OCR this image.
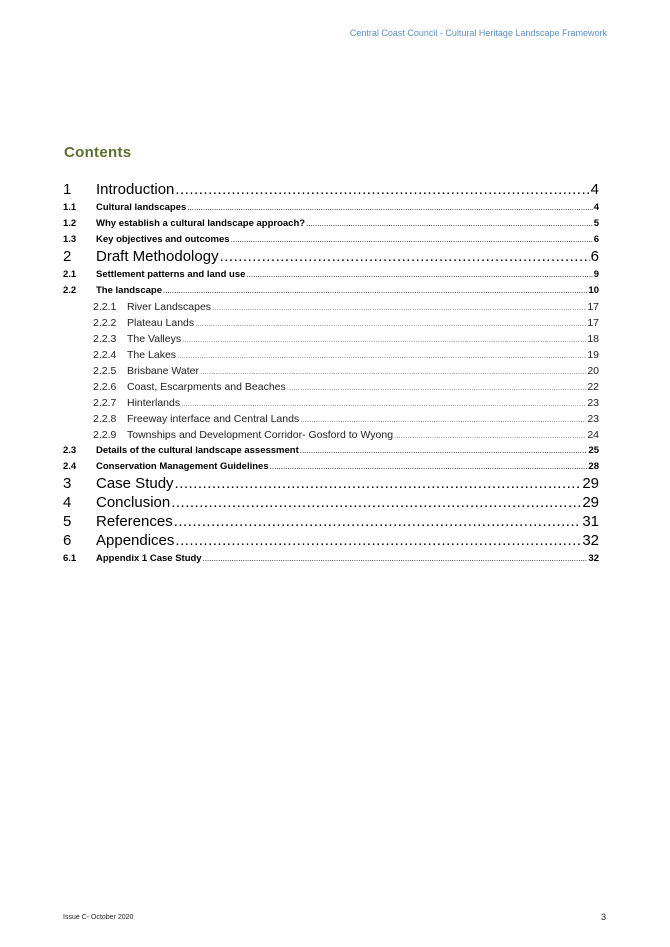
Central Coast Council - Cultural Heritage Landscape Framework
Contents
1	Introduction .....	4
1.1	Cultural landscapes .....	4
1.2	Why establish a cultural landscape approach? .....	5
1.3	Key objectives and outcomes .....	6
2	Draft Methodology .....	6
2.1	Settlement patterns and land use .....	9
2.2	The landscape .....	10
2.2.1	River Landscapes .....	17
2.2.2	Plateau Lands .....	17
2.2.3	The Valleys .....	18
2.2.4	The Lakes .....	19
2.2.5	Brisbane Water .....	20
2.2.6	Coast, Escarpments and Beaches .....	22
2.2.7	Hinterlands .....	23
2.2.8	Freeway interface and Central Lands .....	23
2.2.9	Townships and Development Corridor- Gosford to Wyong .....	24
2.3	Details of the cultural landscape assessment .....	25
2.4	Conservation Management Guidelines .....	28
3	Case Study .....	29
4	Conclusion .....	29
5	References .....	31
6	Appendices .....	32
6.1	Appendix 1 Case Study .....	32
Issue C- October 2020	3
